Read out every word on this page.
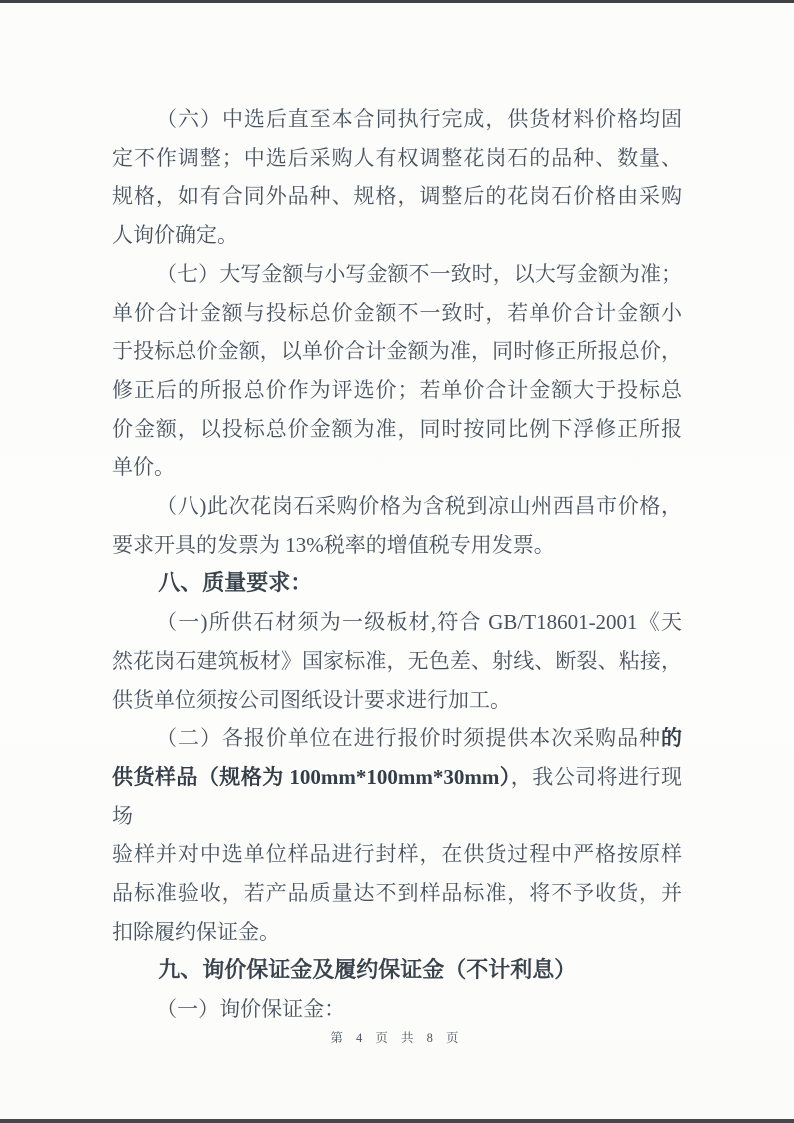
（六）中选后直至本合同执行完成，供货材料价格均固
定不作调整；中选后采购人有权调整花岗石的品种、数量、
规格，如有合同外品种、规格，调整后的花岗石价格由采购
人询价确定。
（七）大写金额与小写金额不一致时，以大写金额为准；
单价合计金额与投标总价金额不一致时，若单价合计金额小
于投标总价金额，以单价合计金额为准，同时修正所报总价，
修正后的所报总价作为评选价；若单价合计金额大于投标总
价金额，以投标总价金额为准，同时按同比例下浮修正所报
单价。
（八)此次花岗石采购价格为含税到凉山州西昌市价格，
要求开具的发票为 13%税率的增值税专用发票。
八、质量要求：
（一)所供石材须为一级板材,符合 GB/T18601-2001《天
然花岗石建筑板材》国家标准，无色差、射线、断裂、粘接，
供货单位须按公司图纸设计要求进行加工。
（二）各报价单位在进行报价时须提供本次采购品种的
供货样品（规格为 100mm*100mm*30mm），我公司将进行现场
验样并对中选单位样品进行封样，在供货过程中严格按原样
品标准验收，若产品质量达不到样品标准，将不予收货，并
扣除履约保证金。
九、询价保证金及履约保证金（不计利息）
（一）询价保证金：
第 4 页 共 8 页
